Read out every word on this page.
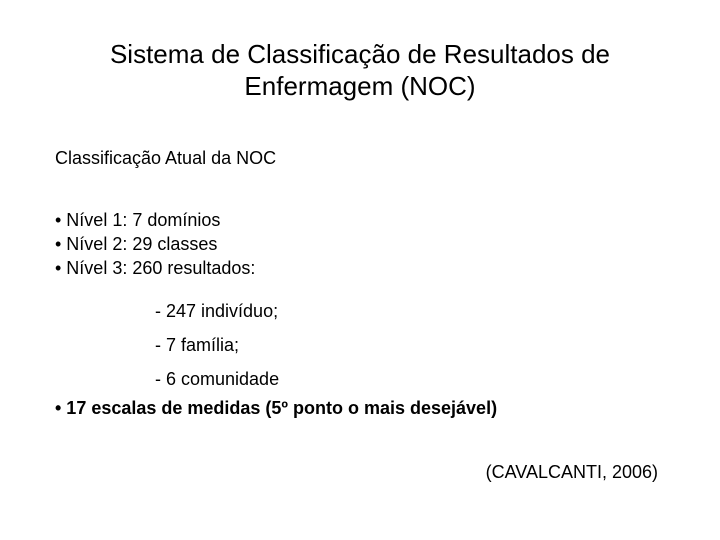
Sistema de Classificação de Resultados de
Enfermagem (NOC)

Classificação Atual da NOC

• Nível 1: 7 domínios
• Nível 2: 29 classes
• Nível 3: 260 resultados:
- 247 indivíduo;
- 7 família;
- 6 comunidade

• 17 escalas de medidas (5º ponto o mais desejável)

(CAVALCANTI, 2006)
